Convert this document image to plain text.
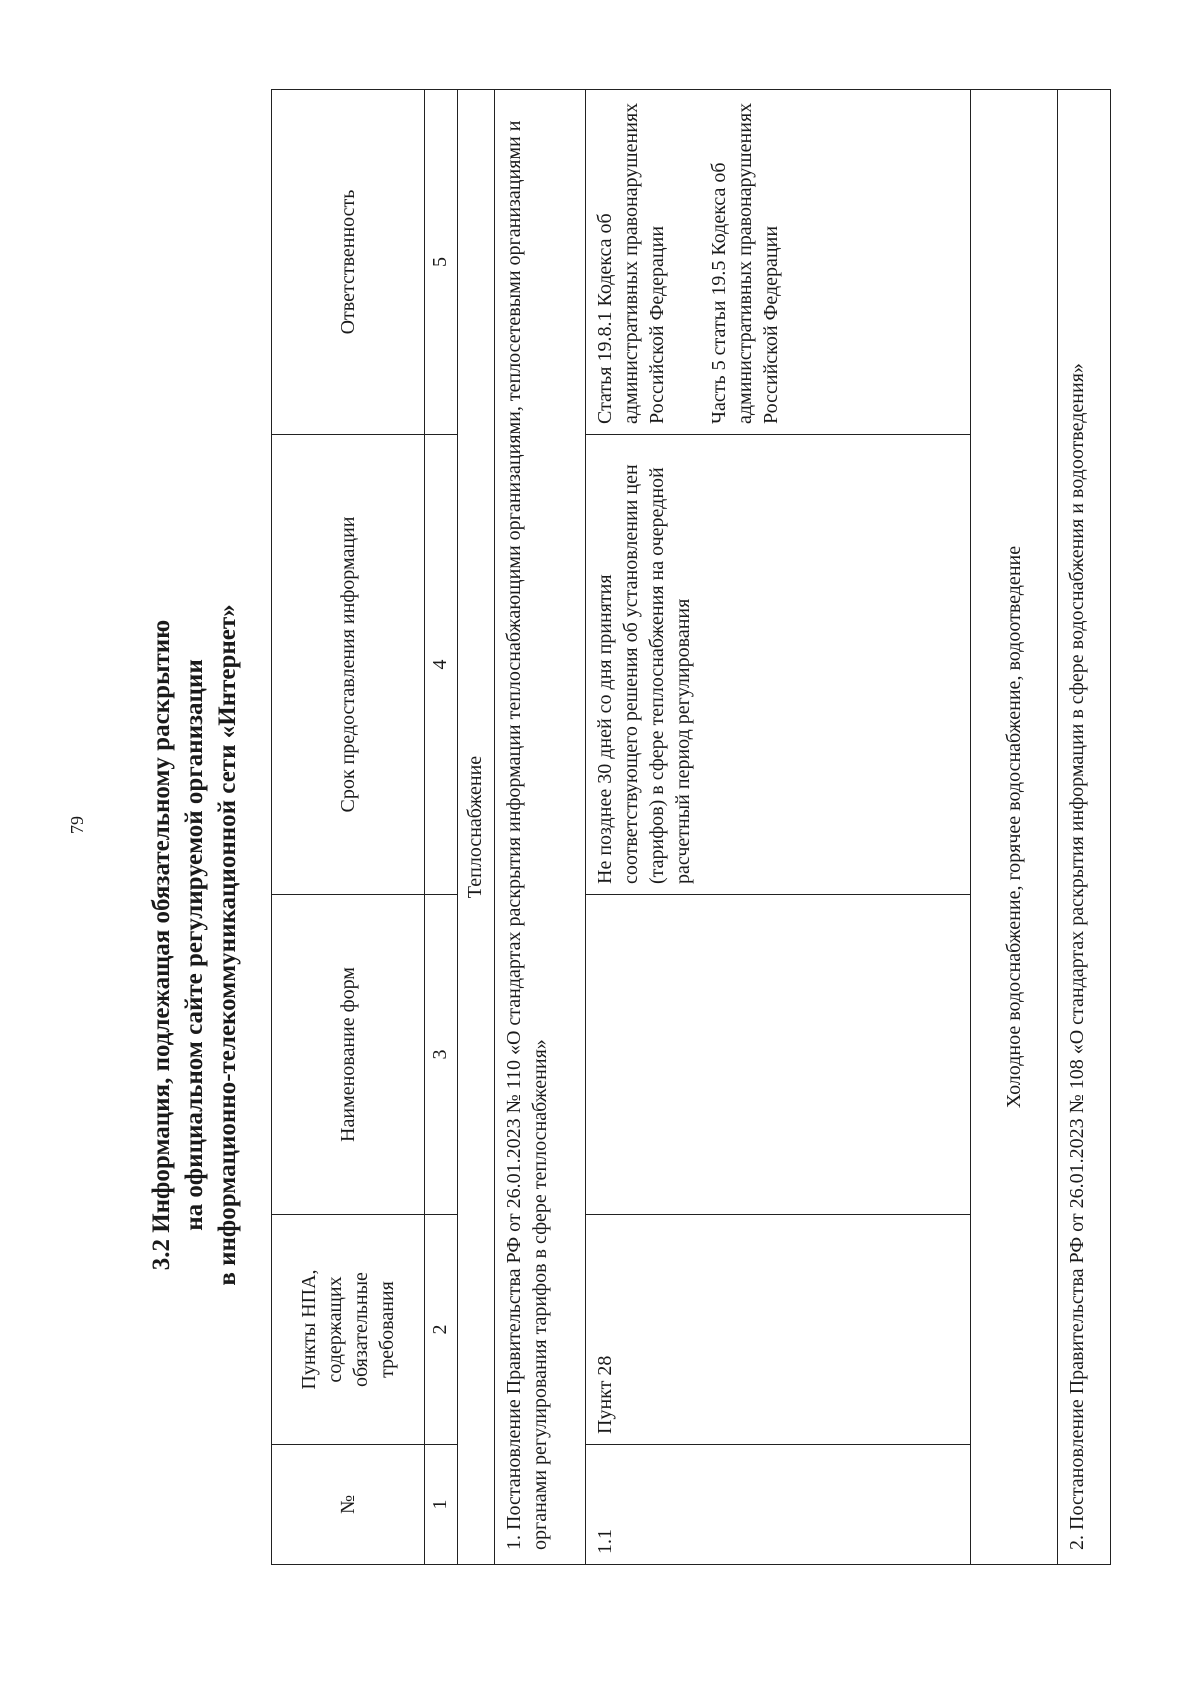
79 3.2 Информация, подлежащая обязательному раскрытию на официальном сайте регулируемой организации в информационно-телекоммуникационной сети «Интернет»
№	Пункты НПА, содержащих обязательные требования	Наименование форм	Срок предоставления информации	Ответственность
1	2	3	4	5
Теплоснабжение				
1. Постановление Правительства РФ от 26.01.2023 № 110 «О стандартах раскрытия информации теплоснабжающими организациями, теплосетевыми организациями и органами регулирования тарифов в сфере теплоснабжения»				
1.1	Пункт 28		Не позднее 30 дней со дня принятия соответствующего решения об установлении цен (тарифов) в сфере теплоснабжения на очередной расчетный период регулирования	Статья 19.8.1 Кодекса об административных правонарушениях Российской Федерации Часть 5 статьи 19.5 Кодекса об административных правонарушениях Российской Федерации

Холодное водоснабжение, горячее водоснабжение, водоотведение				
2. Постановление Правительства РФ от 26.01.2023 № 108 «О стандартах раскрытия информации в сфере водоснабжения и водоотведения»				
